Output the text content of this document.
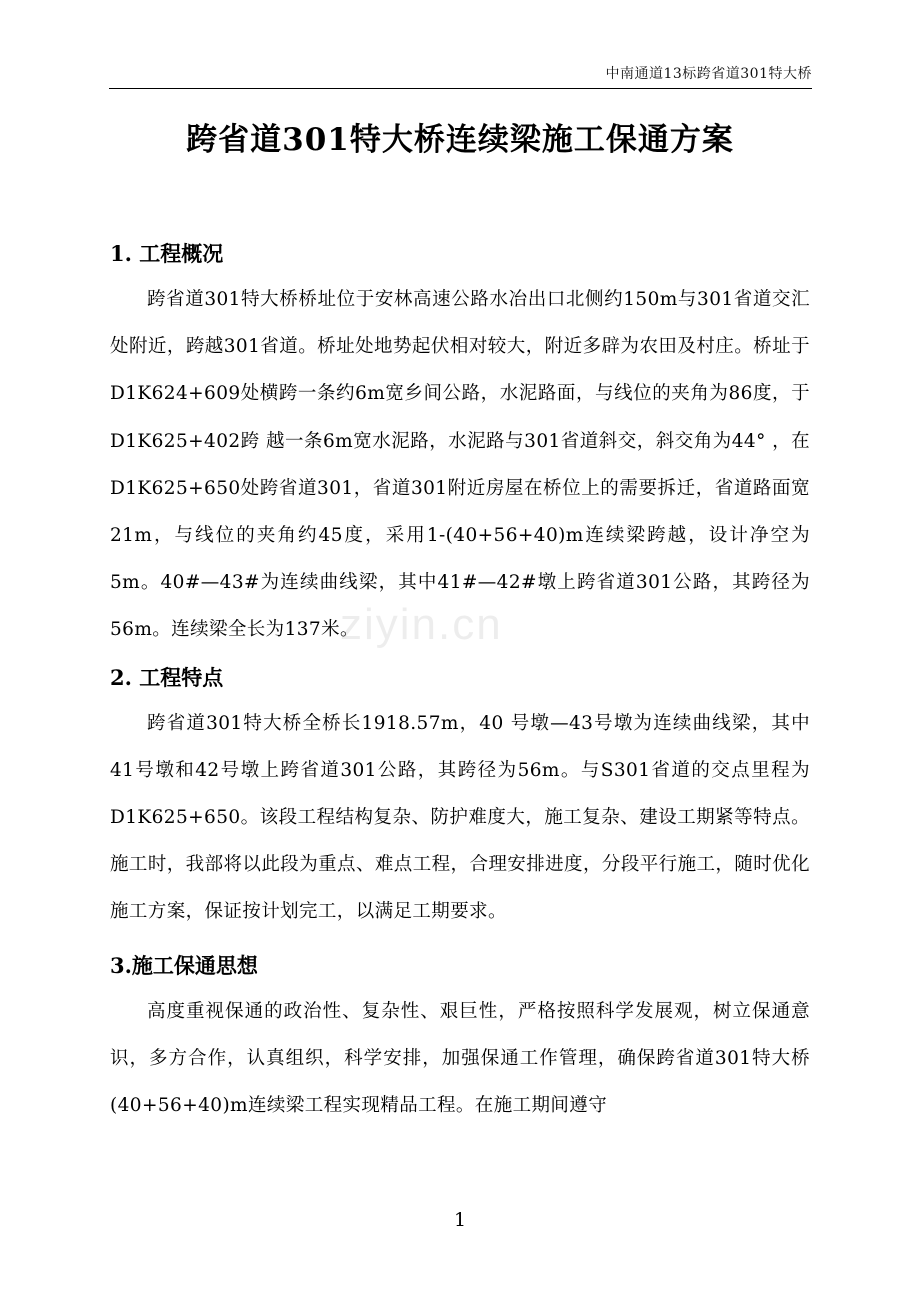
中南通道13标跨省道301特大桥
跨省道301特大桥连续梁施工保通方案
ziyin.cn
1. 工程概况

跨省道301特大桥桥址位于安林高速公路水冶出口北侧约150m与301省道交汇处附近，跨越301省道。桥址处地势起伏相对较大，附近多辟为农田及村庄。桥址于D1K624+609处横跨一条约6m宽乡间公路，水泥路面，与线位的夹角为86度，于D1K625+402跨 越一条6m宽水泥路，水泥路与301省道斜交，斜交角为44° ，在D1K625+650处跨省道301，省道301附近房屋在桥位上的需要拆迁，省道路面宽21m，与线位的夹角约45度，采用1-(40+56+40)m连续梁跨越，设计净空为5m。40#—43#为连续曲线梁，其中41#—42#墩上跨省道301公路，其跨径为56m。连续梁全长为137米。

2. 工程特点

跨省道301特大桥全桥长1918.57m，40 号墩—43号墩为连续曲线梁，其中41号墩和42号墩上跨省道301公路，其跨径为56m。与S301省道的交点里程为D1K625+650。该段工程结构复杂、防护难度大，施工复杂、建设工期紧等特点。施工时，我部将以此段为重点、难点工程，合理安排进度，分段平行施工，随时优化施工方案，保证按计划完工，以满足工期要求。

3.施工保通思想

高度重视保通的政治性、复杂性、艰巨性，严格按照科学发展观，树立保通意识，多方合作，认真组织，科学安排，加强保通工作管理，确保跨省道301特大桥(40+56+40)m连续梁工程实现精品工程。在施工期间遵守

1
